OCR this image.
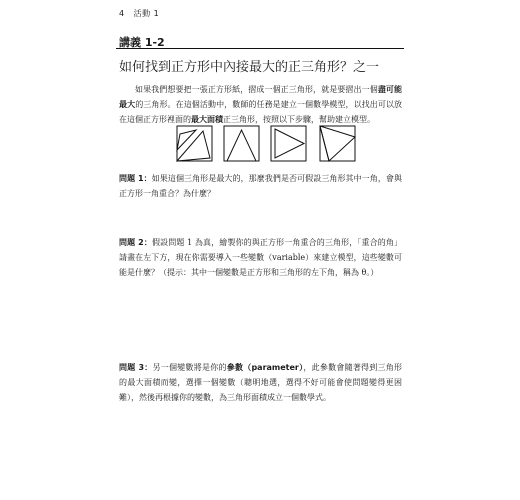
4 活動 1
講義 1-2
如何找到正方形中內接最大的正三角形？之一
如果我們想要把一張正方形紙，摺成一個正三角形，就是要摺出一個盡可能最大的三角形。在這個活動中，數師的任務是建立一個數學模型，以找出可以放在這個正方形裡面的最大面積正三角形，按照以下步驟，幫助建立模型。
問題 1：如果這個三角形是最大的，那麼我們是否可假設三角形其中一角，會與正方形一角重合？為什麼？
問題 2：假設問題 1 為真，繪製你的與正方形一角重合的三角形，「重合的角」請畫在左下方，現在你需要導入一些變數（variable）來建立模型，這些變數可能是什麼？（提示：其中一個變數是正方形和三角形的左下角，稱為 θ。）
問題 3：另一個變數將是你的參數（parameter），此參數會隨著得到三角形的最大面積而變，選擇一個變數（聰明地選，選得不好可能會使問題變得更困難），然後再根據你的變數，為三角形面積成立一個數學式。
